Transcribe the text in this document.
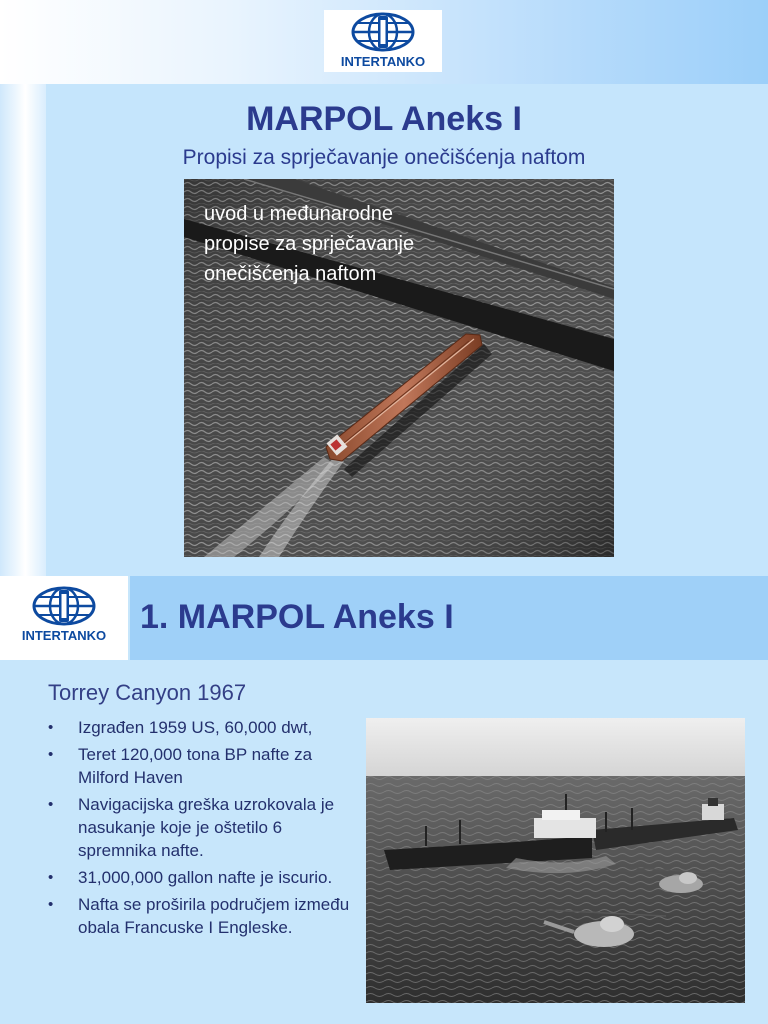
INTERTANKO
MARPOL Aneks I
Propisi za sprječavanje onečišćenja naftom
uvod u međunarodne
propise za sprječavanje
onečišćenja naftom
INTERTANKO 1. MARPOL Aneks I
Torrey Canyon 1967
• Izgrađen 1959 US, 60,000 dwt,
• Teret 120,000 tona BP nafte za Milford Haven
• Navigacijska greška uzrokovala je nasukanje koje je oštetilo 6 spremnika nafte.
• 31,000,000 gallon nafte je iscurio.
• Nafta se proširila područjem između obala Francuske I Engleske.
